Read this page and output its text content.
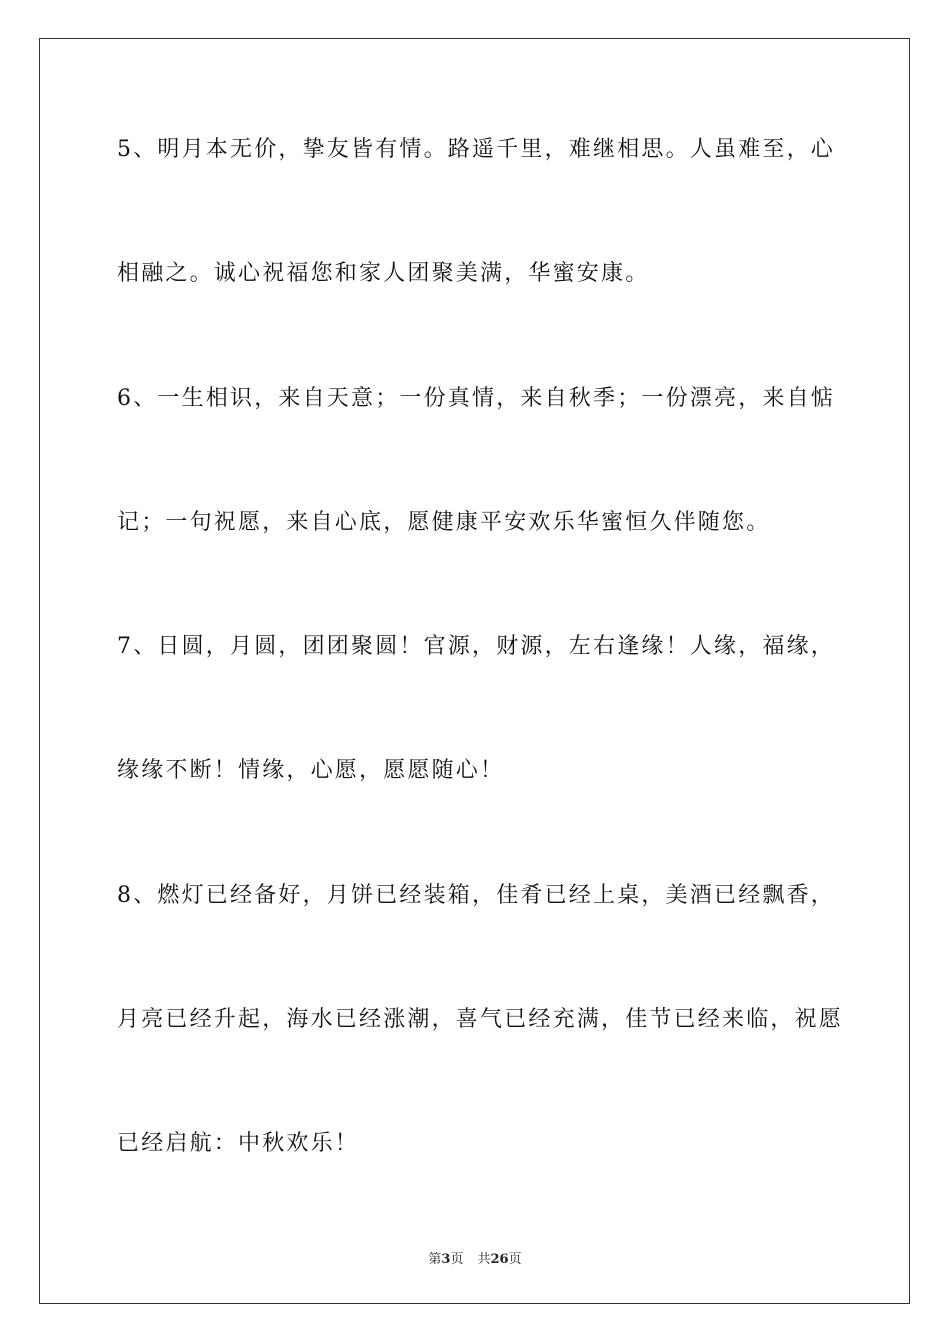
5、明月本无价，挚友皆有情。路遥千里，难继相思。人虽难至，心
相融之。诚心祝福您和家人团聚美满，华蜜安康。
6、一生相识，来自天意；一份真情，来自秋季；一份漂亮，来自惦
记；一句祝愿，来自心底，愿健康平安欢乐华蜜恒久伴随您。
7、日圆，月圆，团团聚圆！官源，财源，左右逢缘！人缘，福缘，
缘缘不断！情缘，心愿，愿愿随心！
8、燃灯已经备好，月饼已经装箱，佳肴已经上桌，美酒已经飘香，
月亮已经升起，海水已经涨潮，喜气已经充满，佳节已经来临，祝愿
已经启航：中秋欢乐！
第3页 共26页
